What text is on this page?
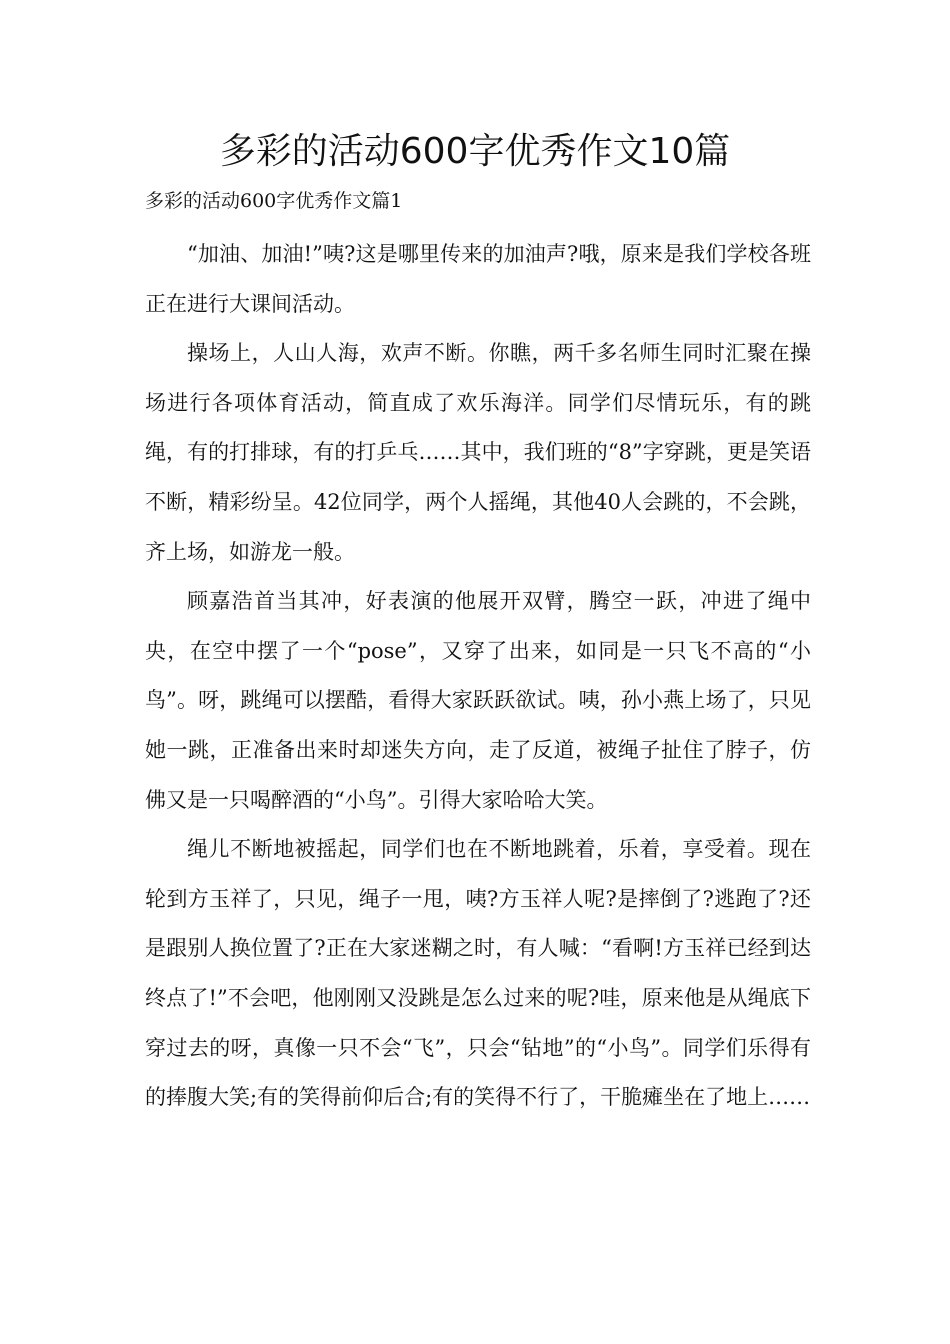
多彩的活动600字优秀作文10篇
多彩的活动600字优秀作文篇1

“加油、加油!”咦?这是哪里传来的加油声?哦，原来是我们学校各班正在进行大课间活动。

操场上，人山人海，欢声不断。你瞧，两千多名师生同时汇聚在操场进行各项体育活动，简直成了欢乐海洋。同学们尽情玩乐，有的跳绳，有的打排球，有的打乒乓……其中，我们班的“8”字穿跳，更是笑语不断，精彩纷呈。42位同学，两个人摇绳，其他40人会跳的，不会跳，齐上场，如游龙一般。

顾嘉浩首当其冲，好表演的他展开双臂，腾空一跃，冲进了绳中央，在空中摆了一个“pose”，又穿了出来，如同是一只飞不高的“小鸟”。呀，跳绳可以摆酷，看得大家跃跃欲试。咦，孙小燕上场了，只见她一跳，正准备出来时却迷失方向，走了反道，被绳子扯住了脖子，仿佛又是一只喝醉酒的“小鸟”。引得大家哈哈大笑。

绳儿不断地被摇起，同学们也在不断地跳着，乐着，享受着。现在轮到方玉祥了，只见，绳子一甩，咦?方玉祥人呢?是摔倒了?逃跑了?还是跟别人换位置了?正在大家迷糊之时，有人喊：“看啊!方玉祥已经到达终点了!”不会吧，他刚刚又没跳是怎么过来的呢?哇，原来他是从绳底下穿过去的呀，真像一只不会“飞”，只会“钻地”的“小鸟”。同学们乐得有的捧腹大笑;有的笑得前仰后合;有的笑得不行了，干脆瘫坐在了地上……
